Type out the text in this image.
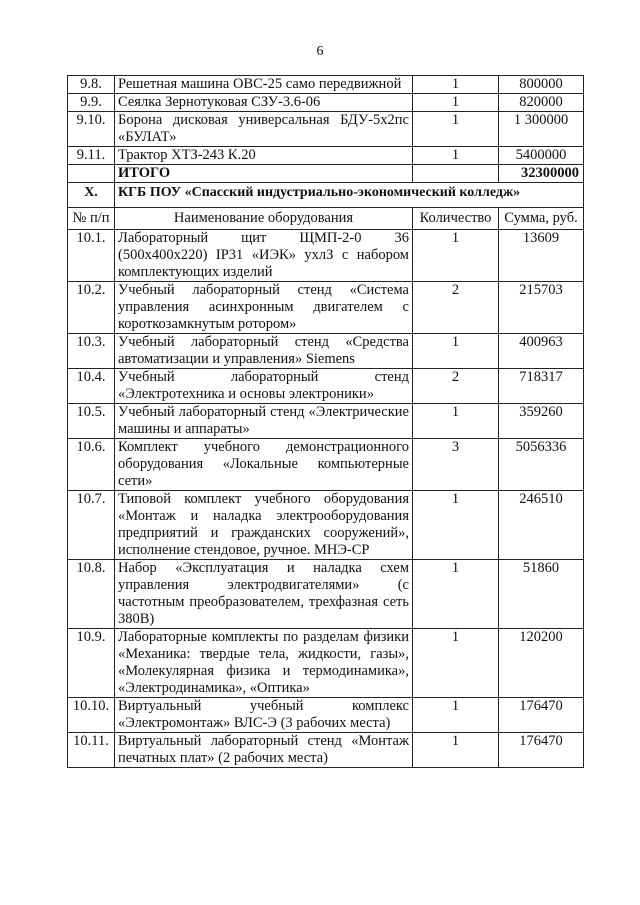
6
9.8.	Решетная машина ОВС-25 само передвижной	1	800000
9.9.	Сеялка Зернотуковая СЗУ-3.6-06	1	820000
9.10.	Борона дисковая универсальная БДУ-5х2пс «БУЛАТ»	1	1 300000
9.11.	Трактор ХТЗ-243 К.20	1	5400000
	ИТОГО		32300000
X.	КГБ ПОУ «Спасский индустриально-экономический колледж»		
№ п/п	Наименование оборудования	Количество	Сумма, руб.
10.1.	Лабораторный щит ЩМП-2-0 36 (500x400x220) IP31 «ИЭК» ухлЗ с набором комплектующих изделий	1	13609
10.2.	Учебный лабораторный стенд «Система управления асинхронным двигателем с короткозамкнутым ротором»	2	215703
10.3.	Учебный лабораторный стенд «Средства автоматизации и управления» Siemens	1	400963
10.4.	Учебный лабораторный стенд «Электротехника и основы электроники»	2	718317
10.5.	Учебный лабораторный стенд «Электрические машины и аппараты»	1	359260
10.6.	Комплект учебного демонстрационного оборудования «Локальные компьютерные сети»	3	5056336
10.7.	Типовой комплект учебного оборудования «Монтаж и наладка электрооборудования предприятий и гражданских сооружений», исполнение стендовое, ручное. МНЭ-СР	1	246510
10.8.	Набор «Эксплуатация и наладка схем управления электродвигателями» (с частотным преобразователем, трехфазная сеть 380В)	1	51860
10.9.	Лабораторные комплекты по разделам физики «Механика: твердые тела, жидкости, газы», «Молекулярная физика и термодинамика», «Электродинамика», «Оптика»	1	120200
10.10.	Виртуальный учебный комплекс «Электромонтаж» ВЛС-Э (3 рабочих места)	1	176470
10.11.	Виртуальный лабораторный стенд «Монтаж печатных плат» (2 рабочих места)	1	176470
